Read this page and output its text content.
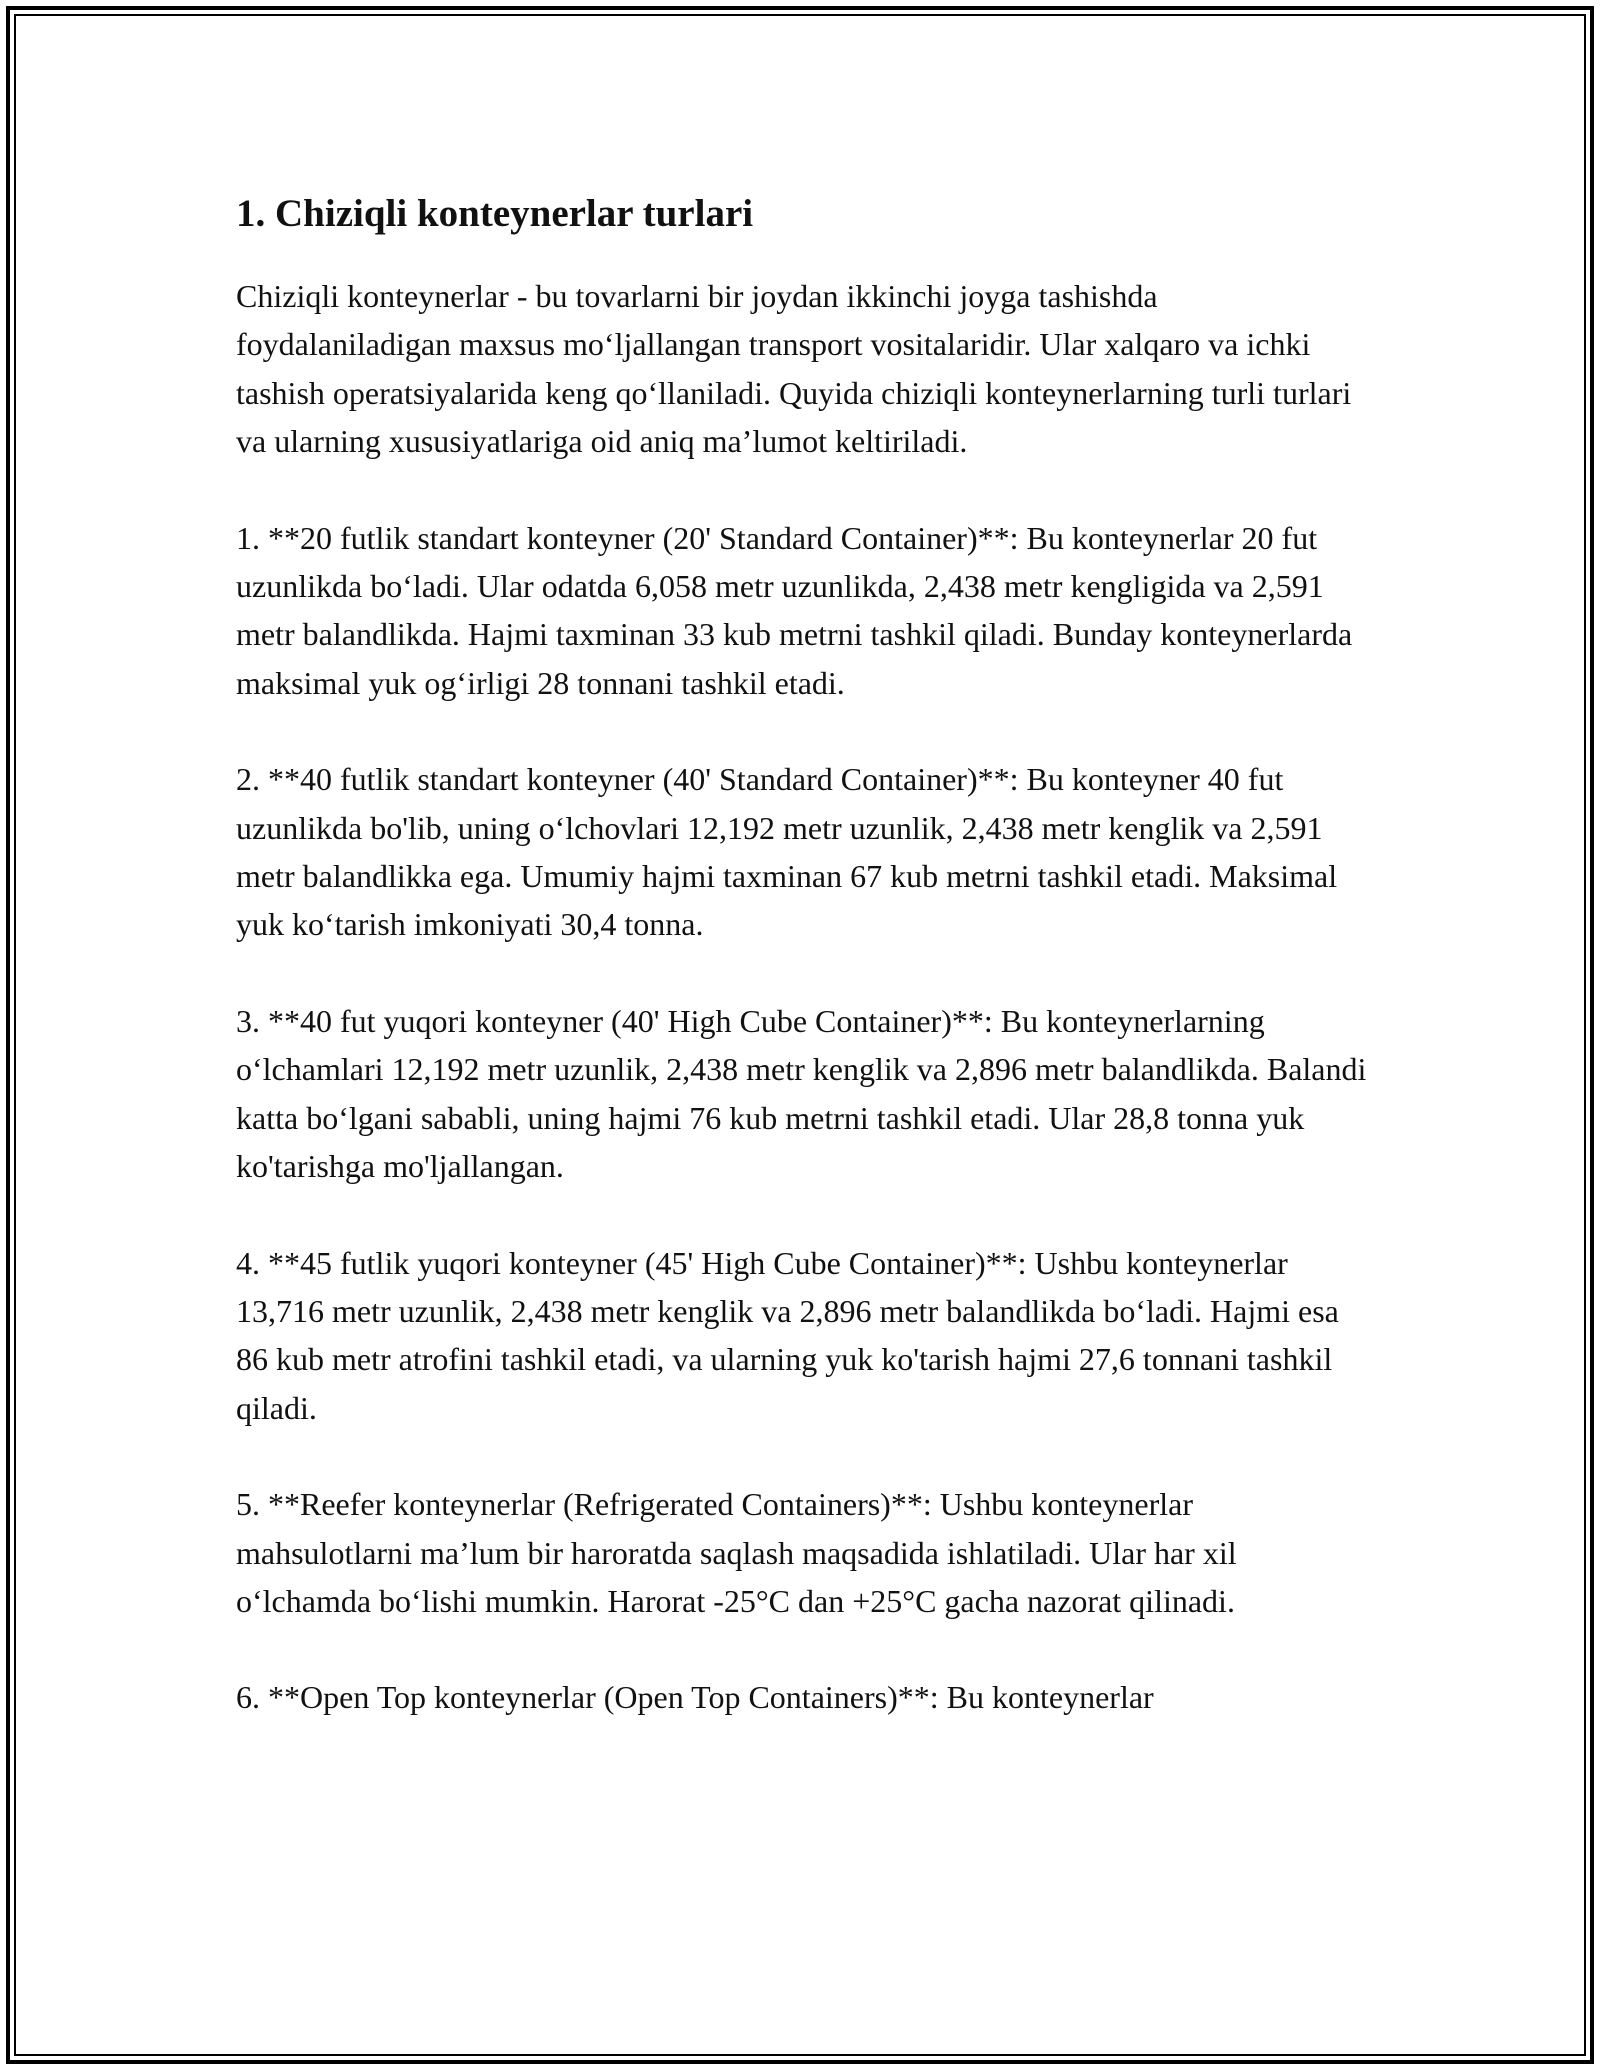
1. Chiziqli konteynerlar turlari

Chiziqli konteynerlar - bu tovarlarni bir joydan ikkinchi joyga tashishda foydalaniladigan maxsus mo‘ljallangan transport vositalaridir. Ular xalqaro va ichki tashish operatsiyalarida keng qo‘llaniladi. Quyida chiziqli konteynerlarning turli turlari va ularning xususiyatlariga oid aniq ma’lumot keltiriladi.

1. **20 futlik standart konteyner (20' Standard Container)**: Bu konteynerlar 20 fut uzunlikda bo‘ladi. Ular odatda 6,058 metr uzunlikda, 2,438 metr kengligida va 2,591 metr balandlikda. Hajmi taxminan 33 kub metrni tashkil qiladi. Bunday konteynerlarda maksimal yuk og‘irligi 28 tonnani tashkil etadi.

2. **40 futlik standart konteyner (40' Standard Container)**: Bu konteyner 40 fut uzunlikda bo'lib, uning o‘lchovlari 12,192 metr uzunlik, 2,438 metr kenglik va 2,591 metr balandlikka ega. Umumiy hajmi taxminan 67 kub metrni tashkil etadi. Maksimal yuk ko‘tarish imkoniyati 30,4 tonna.

3. **40 fut yuqori konteyner (40' High Cube Container)**: Bu konteynerlarning o‘lchamlari 12,192 metr uzunlik, 2,438 metr kenglik va 2,896 metr balandlikda. Balandi katta bo‘lgani sababli, uning hajmi 76 kub metrni tashkil etadi. Ular 28,8 tonna yuk ko'tarishga mo'ljallangan.

4. **45 futlik yuqori konteyner (45' High Cube Container)**: Ushbu konteynerlar 13,716 metr uzunlik, 2,438 metr kenglik va 2,896 metr balandlikda bo‘ladi. Hajmi esa 86 kub metr atrofini tashkil etadi, va ularning yuk ko'tarish hajmi 27,6 tonnani tashkil qiladi.

5. **Reefer konteynerlar (Refrigerated Containers)**: Ushbu konteynerlar mahsulotlarni ma’lum bir haroratda saqlash maqsadida ishlatiladi. Ular har xil o‘lchamda bo‘lishi mumkin. Harorat -25°C dan +25°C gacha nazorat qilinadi.

6. **Open Top konteynerlar (Open Top Containers)**: Bu konteynerlar
